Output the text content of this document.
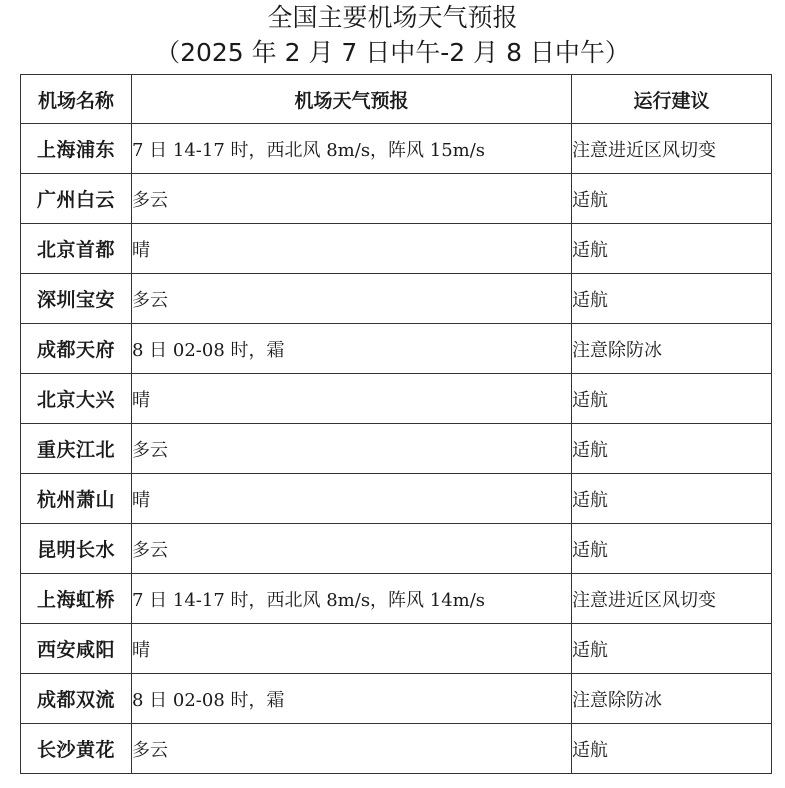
全国主要机场天气预报
（2025 年 2 月 7 日中午-2 月 8 日中午）
机场名称	机场天气预报	运行建议
上海浦东	7 日 14-17 时，西北风 8m/s，阵风 15m/s	注意进近区风切变
广州白云	多云	适航
北京首都	晴	适航
深圳宝安	多云	适航
成都天府	8 日 02-08 时，霜	注意除防冰
北京大兴	晴	适航
重庆江北	多云	适航
杭州萧山	晴	适航
昆明长水	多云	适航
上海虹桥	7 日 14-17 时，西北风 8m/s，阵风 14m/s	注意进近区风切变
西安咸阳	晴	适航
成都双流	8 日 02-08 时，霜	注意除防冰
长沙黄花	多云	适航
